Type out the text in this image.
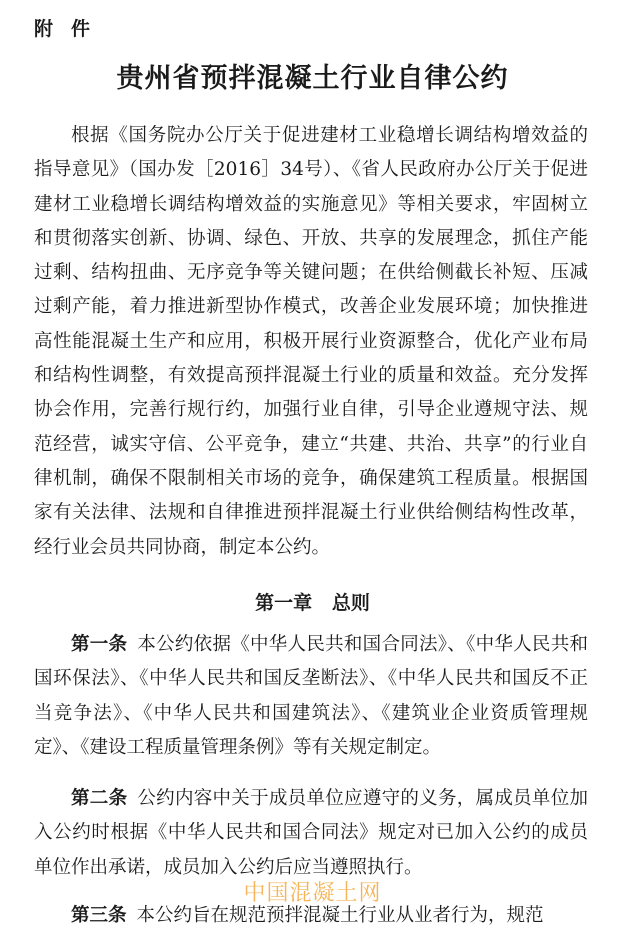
附件
贵州省预拌混凝土行业自律公约

根据《国务院办公厅关于促进建材工业稳增长调结构增效益的指导意见》（国办发［2016］34号）、《省人民政府办公厅关于促进建材工业稳增长调结构增效益的实施意见》等相关要求，牢固树立和贯彻落实创新、协调、绿色、开放、共享的发展理念，抓住产能过剩、结构扭曲、无序竞争等关键问题；在供给侧截长补短、压减过剩产能，着力推进新型协作模式，改善企业发展环境；加快推进高性能混凝土生产和应用，积极开展行业资源整合，优化产业布局和结构性调整，有效提高预拌混凝土行业的质量和效益。充分发挥协会作用，完善行规行约，加强行业自律，引导企业遵规守法、规范经营，诚实守信、公平竞争，建立“共建、共治、共享”的行业自律机制，确保不限制相关市场的竞争，确保建筑工程质量。根据国家有关法律、法规和自律推进预拌混凝土行业供给侧结构性改革，经行业会员共同协商，制定本公约。

第一章   总则

第一条 本公约依据《中华人民共和国合同法》、《中华人民共和国环保法》、《中华人民共和国反垄断法》、《中华人民共和国反不正当竞争法》、《中华人民共和国建筑法》、《建筑业企业资质管理规定》、《建设工程质量管理条例》等有关规定制定。

第二条 公约内容中关于成员单位应遵守的义务，属成员单位加入公约时根据《中华人民共和国合同法》规定对已加入公约的成员单位作出承诺，成员加入公约后应当遵照执行。

第三条 本公约旨在规范预拌混凝土行业从业者行为，规范

中国混凝土网
